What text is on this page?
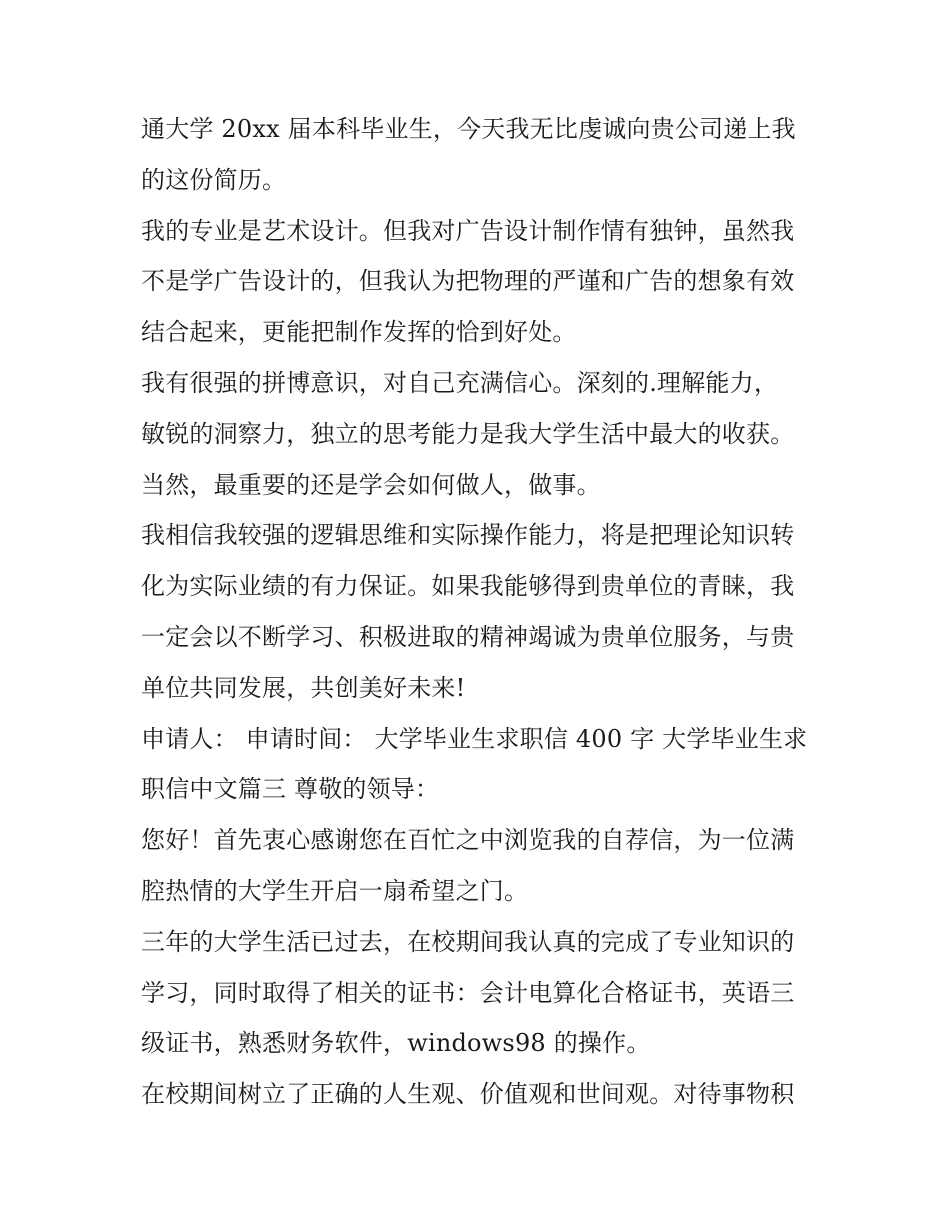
通大学 20xx 届本科毕业生，今天我无比虔诚向贵公司递上我
的这份简历。
我的专业是艺术设计。但我对广告设计制作情有独钟，虽然我
不是学广告设计的，但我认为把物理的严谨和广告的想象有效
结合起来，更能把制作发挥的恰到好处。
我有很强的拼博意识，对自己充满信心。深刻的.理解能力，
敏锐的洞察力，独立的思考能力是我大学生活中最大的收获。
当然，最重要的还是学会如何做人，做事。
我相信我较强的逻辑思维和实际操作能力，将是把理论知识转
化为实际业绩的有力保证。如果我能够得到贵单位的青睐，我
一定会以不断学习、积极进取的精神竭诚为贵单位服务，与贵
单位共同发展，共创美好未来!
申请人： 申请时间： 大学毕业生求职信 400 字 大学毕业生求
职信中文篇三 尊敬的领导：
您好！首先衷心感谢您在百忙之中浏览我的自荐信，为一位满
腔热情的大学生开启一扇希望之门。
三年的大学生活已过去，在校期间我认真的完成了专业知识的
学习，同时取得了相关的证书：会计电算化合格证书，英语三
级证书，熟悉财务软件，windows98 的操作。
在校期间树立了正确的人生观、价值观和世间观。对待事物积
